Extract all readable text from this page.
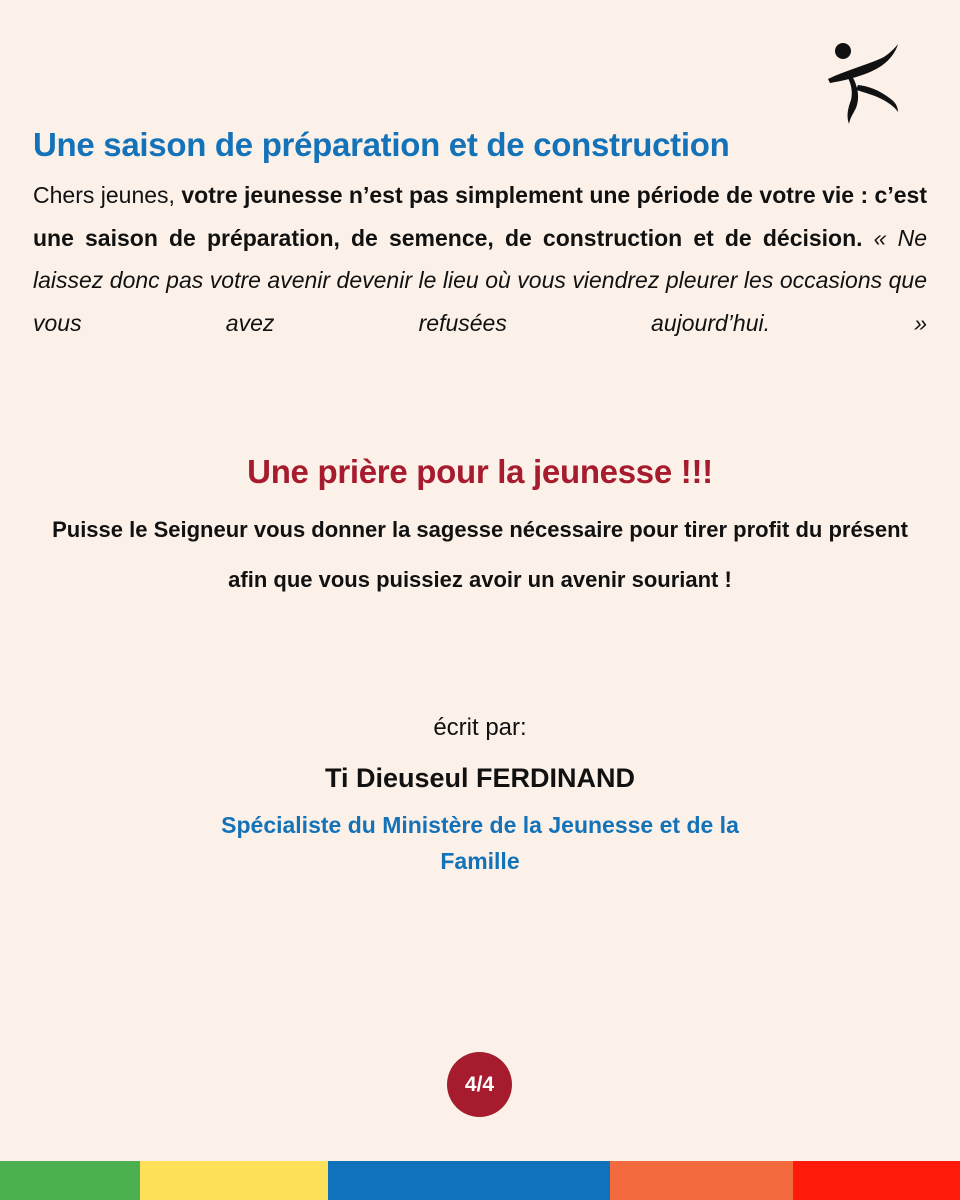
Une saison de préparation et de construction

Chers jeunes, votre jeunesse n’est pas simplement une période de votre vie : c’est une saison de préparation, de semence, de construction et de décision. « Ne laissez donc pas votre avenir devenir le lieu où vous viendrez pleurer les occasions que vous avez refusées aujourd’hui. »

Une prière pour la jeunesse !!!

Puisse le Seigneur vous donner la sagesse nécessaire pour tirer profit du présent afin que vous puissiez avoir un avenir souriant !

écrit par:

Ti Dieuseul FERDINAND

Spécialiste du Ministère de la Jeunesse et de la Famille

4/4
